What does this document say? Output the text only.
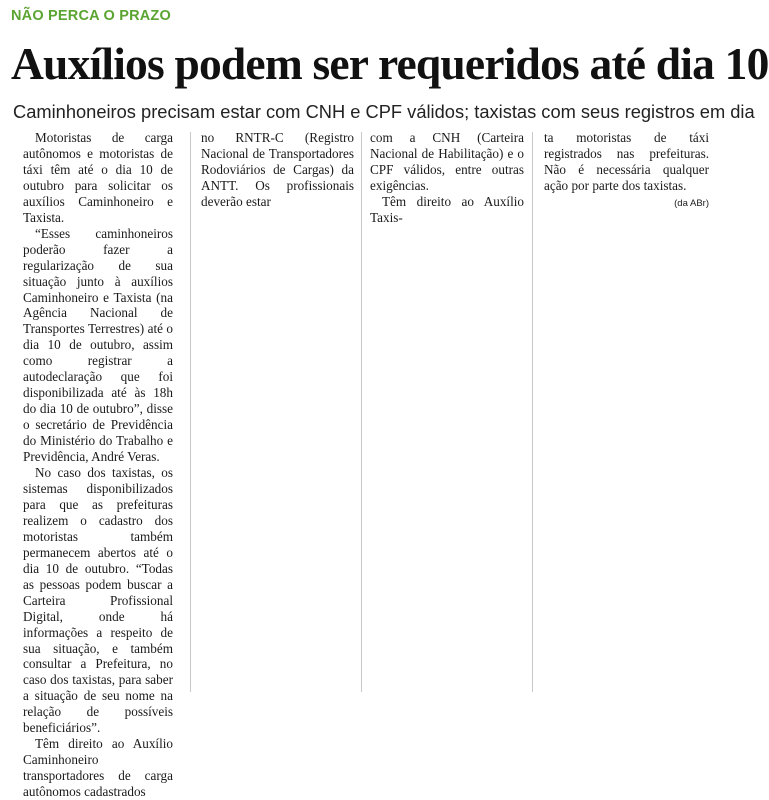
NÃO PERCA O PRAZO
Auxílios podem ser requeridos até dia 10
Caminhoneiros precisam estar com CNH e CPF válidos; taxistas com seus registros em dia

Motoristas de carga autônomos e motoristas de táxi têm até o dia 10 de outubro para solicitar os auxílios Caminhoneiro e Taxista.

“Esses caminhoneiros poderão fazer a regularização de sua situação junto à auxílios Caminhoneiro e Taxista (na Agência Nacional de Transportes Terrestres) até o dia 10 de outubro, assim como registrar a autodeclaração que foi disponibilizada até às 18h do dia 10 de outubro”, disse o secretário de Previdência do Ministério do Trabalho e Previdência, André Veras.

No caso dos taxistas, os sistemas disponibilizados para que as prefeituras realizem o cadastro dos motoristas também permanecem abertos até o dia 10 de outubro. “Todas as pessoas podem buscar a Carteira Profissional Digital, onde há informações a respeito de sua situação, e também consultar a Prefeitura, no caso dos taxistas, para saber a situação de seu nome na relação de possíveis beneficiários”.

Têm direito ao Auxílio Caminhoneiro transportadores de carga autônomos cadastrados

no RNTR-C (Registro Nacional de Transportadores Rodoviários de Cargas) da ANTT. Os profissionais deverão estar

com a CNH (Carteira Nacional de Habilitação) e o CPF válidos, entre outras exigências.

Têm direito ao Auxílio Taxis-

ta motoristas de táxi registrados nas prefeituras. Não é necessária qualquer ação por parte dos taxistas.

(da ABr)
